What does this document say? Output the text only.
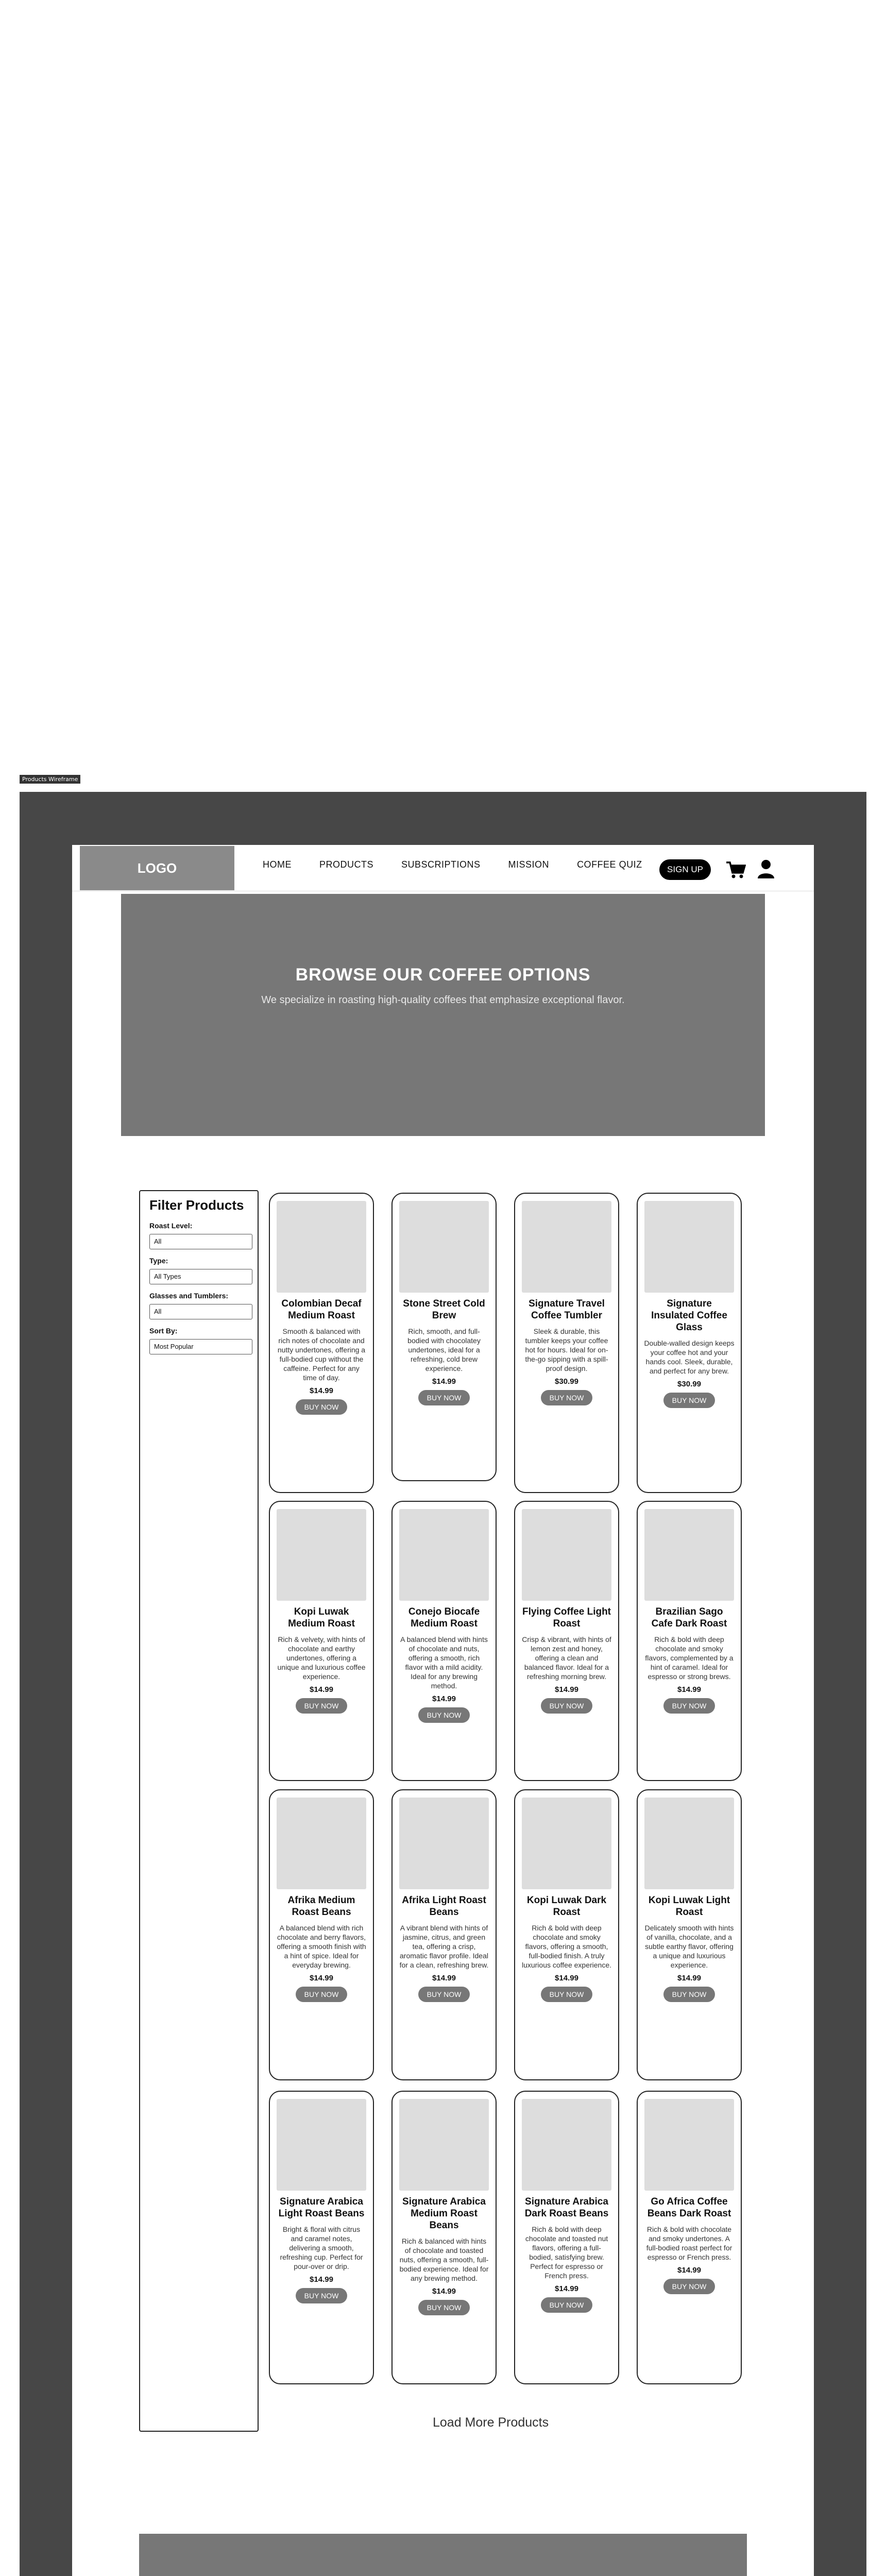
Products Wireframe
LOGO	HOME	PRODUCTS	SUBSCRIPTIONS	MISSION	COFFEE QUIZ	SIGN UP
BROWSE OUR COFFEE OPTIONS

We specialize in roasting high-quality coffees that emphasize exceptional flavor.

Filter Products
Roast Level:
All
Type:
All Types
Glasses and Tumblers:
All
Sort By:
Most Popular
Colombian Decaf Medium Roast
Smooth & balanced with rich notes of chocolate and nutty undertones, offering a full-bodied cup without the caffeine. Perfect for any time of day.
$14.99
BUY NOW
Stone Street Cold Brew
Rich, smooth, and full-bodied with chocolatey undertones, ideal for a refreshing, cold brew experience.
$14.99
BUY NOW
Signature Travel Coffee Tumbler
Sleek & durable, this tumbler keeps your coffee hot for hours. Ideal for on-the-go sipping with a spill-proof design.
$30.99
BUY NOW
Signature Insulated Coffee Glass
Double-walled design keeps your coffee hot and your hands cool. Sleek, durable, and perfect for any brew.
$30.99
BUY NOW
Kopi Luwak Medium Roast
Rich & velvety, with hints of chocolate and earthy undertones, offering a unique and luxurious coffee experience.
$14.99
BUY NOW
Conejo Biocafe Medium Roast
A balanced blend with hints of chocolate and nuts, offering a smooth, rich flavor with a mild acidity. Ideal for any brewing method.
$14.99
BUY NOW
Flying Coffee Light Roast
Crisp & vibrant, with hints of lemon zest and honey, offering a clean and balanced flavor. Ideal for a refreshing morning brew.
$14.99
BUY NOW
Brazilian Sago Cafe Dark Roast
Rich & bold with deep chocolate and smoky flavors, complemented by a hint of caramel. Ideal for espresso or strong brews.
$14.99
BUY NOW
Afrika Medium Roast Beans
A balanced blend with rich chocolate and berry flavors, offering a smooth finish with a hint of spice. Ideal for everyday brewing.
$14.99
BUY NOW
Afrika Light Roast Beans
A vibrant blend with hints of jasmine, citrus, and green tea, offering a crisp, aromatic flavor profile. Ideal for a clean, refreshing brew.
$14.99
BUY NOW
Kopi Luwak Dark Roast
Rich & bold with deep chocolate and smoky flavors, offering a smooth, full-bodied finish. A truly luxurious coffee experience.
$14.99
BUY NOW
Kopi Luwak Light Roast
Delicately smooth with hints of vanilla, chocolate, and a subtle earthy flavor, offering a unique and luxurious experience.
$14.99
BUY NOW
Signature Arabica Light Roast Beans
Bright & floral with citrus and caramel notes, delivering a smooth, refreshing cup. Perfect for pour-over or drip.
$14.99
BUY NOW
Signature Arabica Medium Roast Beans
Rich & balanced with hints of chocolate and toasted nuts, offering a smooth, full-bodied experience. Ideal for any brewing method.
$14.99
BUY NOW
Signature Arabica Dark Roast Beans
Rich & bold with deep chocolate and toasted nut flavors, offering a full-bodied, satisfying brew. Perfect for espresso or French press.
$14.99
BUY NOW
Go Africa Coffee Beans Dark Roast
Rich & bold with chocolate and smoky undertones. A full-bodied roast perfect for espresso or French press.
$14.99
BUY NOW
Load More Products
